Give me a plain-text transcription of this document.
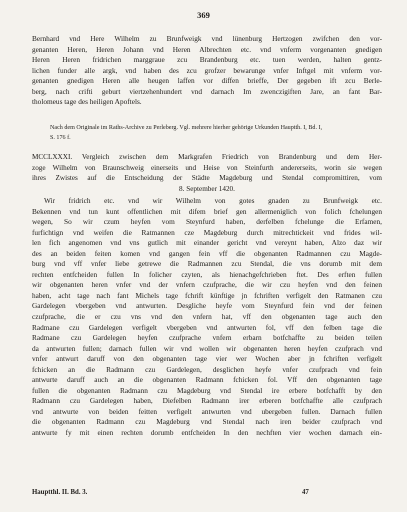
369
Bernhard vnd Here Wilhelm zu Brunfweigk vnd lünenburg Hertzogen zwifchen den vor-
genanten Heren, Heren Johann vnd Heren Albrechten etc. vnd vnferm vorgenanten gnedigen
Heren Heren fridrichen marggraue zcu Brandenburg etc. tuen werden, halten gentz-
lichen funder alle argk, vnd haben des zcu grofzer bewarunge vnfer Inftgel mit vnferm vor-
genanten gnedigen Heren alle heugen laffen vor diffen brieffe, Der gegeben ift zcu Berle-
berg, nach crifti geburt viertzehenhundert vnd darnach Im zwenczigiften Jare, an fant Bar-
tholomeus tage des heiligen Apoftels.
Nach dem Originale im Raths-Archive zu Perleberg. Vgl. mehrere hierher gehörige Urkunden Hauptth. I, Bd. I,
S. 176 f.
MCCLXXXI. Vergleich zwischen dem Markgrafen Friedrich von Brandenburg und dem Her-
zoge Wilhelm von Braunschweig einerseits und Heise von Steinfurth andererseits, worin sie wegen
ihres Zwistes auf die Entscheidung der Städte Magdeburg und Stendal compromittiren, vom
8. September 1420.
Wir fridrich etc. vnd wir Wilhelm von gotes gnaden zu Brunfweigk etc.
Bekennen vnd tun kunt offentlichen mit difem brief gen allermeniglich von folich fchelungen
wegen, So wir czum heyfen vom Steynfurd haben, derfelben fchelunge die Erfamen,
furfichtign vnd weifen die Ratmannen cze Magdeburg durch mitrechtickeit vnd frides wil-
len fich angenomen vnd vns gutlich mit einander gericht vnd vereynt haben, Alzo daz wir
des an beiden feiten komen vnd gangen fein vff die obgenanten Radmannen czu Magde-
burg vnd vff vnfer liebe getrewe die Radmannen zcu Stendal, die vns dorumb mit dem
rechten entfcheiden fullen In folicher czyten, als hienachgefchrieben ftet. Des erften fullen
wir obgenanten heren vnfer vnd der vnfern czufprache, die wir czu heyfen vnd den feinen
haben, acht tage nach fant Michels tage fchrift künftige jn fchriften verfigelt den Ratmanen czu
Gardelegen vbergeben vnd antwurten. Desgliche heyfe vom Steynfurd fein vnd der feinen
czufprache, die er czu vns vnd den vnfern hat, vff den obgenanten tage auch den
Radmane czu Gardelegen verfigelt vbergeben vnd antwurten fol, vff den felben tage die
Radmane czu Gardelegen heyfen czufprache vnfern erbarn botfchaffte zu beiden teilen
da antwurten fullen; darnach fullen wir vnd wollen wir obgenanten heren heyfen czufprach vnd
vnfer antwurt daruff von den obgenanten tage vier wer Wochen aber jn fchriften verfigelt
fchicken an die Radmann czu Gardelegen, desglichen heyfe vnfer czufprach vnd fein
antwurte daruff auch an die obgenanten Radmann fchicken fol. Vff den obgenanten tage
fullen die obgenanten Radmann czu Magdeburg vnd Stendal ire erbere botfchafft by den
Radmann czu Gardelegen haben, Diefelben Radmann irer erberen botfchaffte alle czufprach
vnd antwurte von beiden feitten verfigelt antwurten vnd ubergeben fullen. Darnach fullen
die obgenanten Radmann czu Magdeburg vnd Stendal nach iren beider czufprach vnd
antwurte fy mit einen rechten dorumb entfcheiden In den nechften vier wochen darnach ein-
Hauptthl. II. Bd. 3.	47
